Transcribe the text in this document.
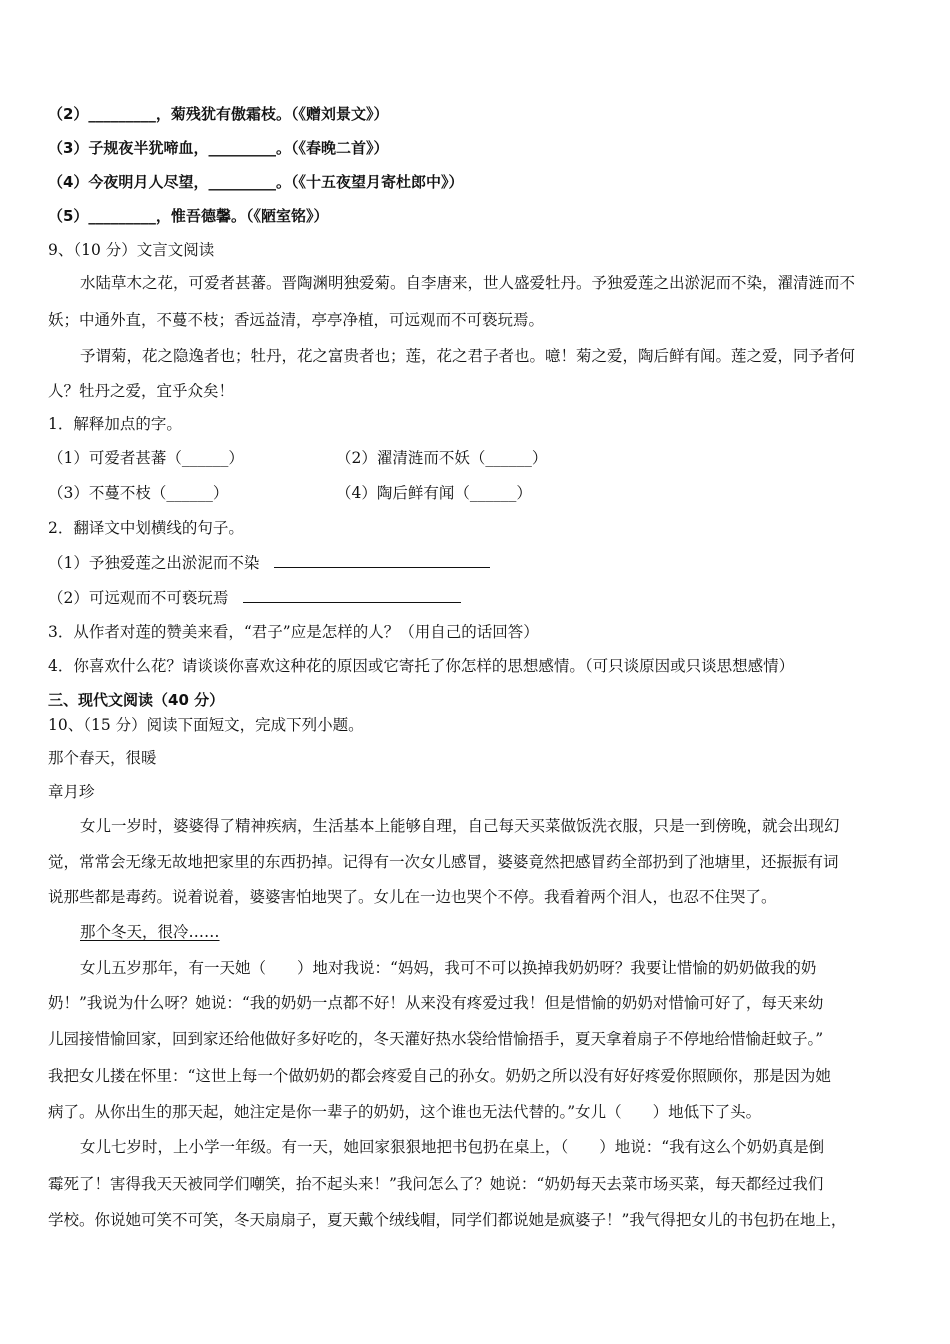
（2）_________，菊残犹有傲霜枝。（《赠刘景文》）
（3）子规夜半犹啼血，_________。（《春晚二首》）
（4）今夜明月人尽望，_________。（《十五夜望月寄杜郎中》）
（5）_________，惟吾德馨。（《陋室铭》）
9、（10 分）文言文阅读
水陆草木之花，可爱者甚蕃。晋陶渊明独爱菊。自李唐来，世人盛爱牡丹。予独爱莲之出淤泥而不染，濯清涟而不
妖；中通外直，不蔓不枝；香远益清，亭亭净植，可远观而不可亵玩焉。
予谓菊，花之隐逸者也；牡丹，花之富贵者也；莲，花之君子者也。噫！菊之爱，陶后鲜有闻。莲之爱，同予者何
人？牡丹之爱，宜乎众矣！
1．解释加点的字。
（1）可爱者甚蕃（______）	（2）濯清涟而不妖（______）
（3）不蔓不枝（______）	（4）陶后鲜有闻（______）
2．翻译文中划横线的句子。
（1）予独爱莲之出淤泥而不染
（2）可远观而不可亵玩焉
3．从作者对莲的赞美来看，“君子”应是怎样的人？（用自己的话回答）
4．你喜欢什么花？请谈谈你喜欢这种花的原因或它寄托了你怎样的思想感情。（可只谈原因或只谈思想感情）
三、现代文阅读（40 分）
10、（15 分）阅读下面短文，完成下列小题。
那个春天，很暖
章月珍
女儿一岁时，婆婆得了精神疾病，生活基本上能够自理，自己每天买菜做饭洗衣服，只是一到傍晚，就会出现幻
觉，常常会无缘无故地把家里的东西扔掉。记得有一次女儿感冒，婆婆竟然把感冒药全部扔到了池塘里，还振振有词
说那些都是毒药。说着说着，婆婆害怕地哭了。女儿在一边也哭个不停。我看着两个泪人，也忍不住哭了。
那个冬天，很冷……
女儿五岁那年，有一天她（　　）地对我说：“妈妈，我可不可以换掉我奶奶呀？我要让惜愉的奶奶做我的奶
奶！”我说为什么呀？她说：“我的奶奶一点都不好！从来没有疼爱过我！但是惜愉的奶奶对惜愉可好了，每天来幼
儿园接惜愉回家，回到家还给他做好多好吃的，冬天灌好热水袋给惜愉捂手，夏天拿着扇子不停地给惜愉赶蚊子。”
我把女儿搂在怀里：“这世上每一个做奶奶的都会疼爱自己的孙女。奶奶之所以没有好好疼爱你照顾你，那是因为她
病了。从你出生的那天起，她注定是你一辈子的奶奶，这个谁也无法代替的。”女儿（　　）地低下了头。
女儿七岁时，上小学一年级。有一天，她回家狠狠地把书包扔在桌上，（　　）地说：“我有这么个奶奶真是倒
霉死了！害得我天天被同学们嘲笑，抬不起头来！”我问怎么了？她说：“奶奶每天去菜市场买菜，每天都经过我们
学校。你说她可笑不可笑，冬天扇扇子，夏天戴个绒线帽，同学们都说她是疯婆子！”我气得把女儿的书包扔在地上，
